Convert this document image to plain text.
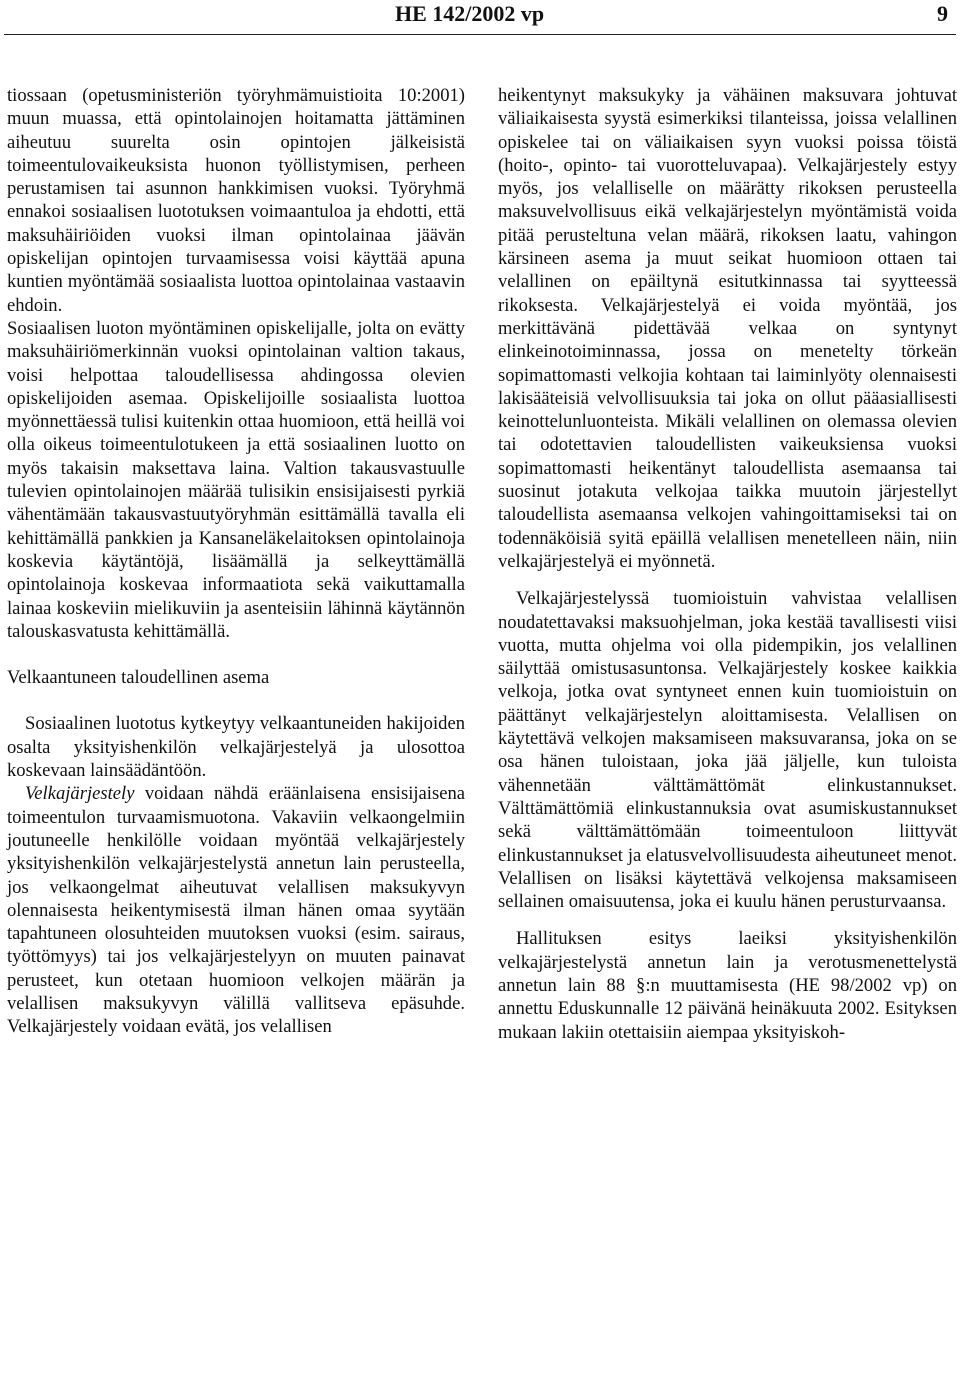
HE 142/2002 vp	9

tiossaan (opetusministeriön työryhmämuistioita 10:2001) muun muassa, että opintolainojen hoitamatta jättäminen aiheutuu suurelta osin opintojen jälkeisistä toimeentulovaikeuksista huonon työllistymisen, perheen perustamisen tai asunnon hankkimisen vuoksi. Työryhmä ennakoi sosiaalisen luototuksen voimaantuloa ja ehdotti, että maksuhäiriöiden vuoksi ilman opintolainaa jäävän opiskelijan opintojen turvaamisessa voisi käyttää apuna kuntien myöntämää sosiaalista luottoa opintolainaa vastaavin ehdoin.

Sosiaalisen luoton myöntäminen opiskelijalle, jolta on evätty maksuhäiriömerkinnän vuoksi opintolainan valtion takaus, voisi helpottaa taloudellisessa ahdingossa olevien opiskelijoiden asemaa. Opiskelijoille sosiaalista luottoa myönnettäessä tulisi kuitenkin ottaa huomioon, että heillä voi olla oikeus toimeentulotukeen ja että sosiaalinen luotto on myös takaisin maksettava laina. Valtion takausvastuulle tulevien opintolainojen määrää tulisikin ensisijaisesti pyrkiä vähentämään takausvastuutyöryhmän esittämällä tavalla eli kehittämällä pankkien ja Kansaneläkelaitoksen opintolainoja koskevia käytäntöjä, lisäämällä ja selkeyttämällä opintolainoja koskevaa informaatiota sekä vaikuttamalla lainaa koskeviin mielikuviin ja asenteisiin lähinnä käytännön talouskasvatusta kehittämällä.

Velkaantuneen taloudellinen asema

Sosiaalinen luototus kytkeytyy velkaantuneiden hakijoiden osalta yksityishenkilön velkajärjestelyä ja ulosottoa koskevaan lainsäädäntöön.

Velkajärjestely voidaan nähdä eräänlaisena ensisijaisena toimeentulon turvaamismuotona. Vakaviin velkaongelmiin joutuneelle henkilölle voidaan myöntää velkajärjestely yksityishenkilön velkajärjestelystä annetun lain perusteella, jos velkaongelmat aiheutuvat velallisen maksukyvyn olennaisesta heikentymisestä ilman hänen omaa syytään tapahtuneen olosuhteiden muutoksen vuoksi (esim. sairaus, työttömyys) tai jos velkajärjestelyyn on muuten painavat perusteet, kun otetaan huomioon velkojen määrän ja velallisen maksukyvyn välillä vallitseva epäsuhde. Velkajärjestely voidaan evätä, jos velallisen

heikentynyt maksukyky ja vähäinen maksuvara johtuvat väliaikaisesta syystä esimerkiksi tilanteissa, joissa velallinen opiskelee tai on väliaikaisen syyn vuoksi poissa töistä (hoito-, opinto- tai vuorotteluvapaa). Velkajärjestely estyy myös, jos velalliselle on määrätty rikoksen perusteella maksuvelvollisuus eikä velkajärjestelyn myöntämistä voida pitää perusteltuna velan määrä, rikoksen laatu, vahingon kärsineen asema ja muut seikat huomioon ottaen tai velallinen on epäiltynä esitutkinnassa tai syytteessä rikoksesta. Velkajärjestelyä ei voida myöntää, jos merkittävänä pidettävää velkaa on syntynyt elinkeinotoiminnassa, jossa on menetelty törkeän sopimattomasti velkojia kohtaan tai laiminlyöty olennaisesti lakisääteisiä velvollisuuksia tai joka on ollut pääasiallisesti keinottelunluonteista. Mikäli velallinen on olemassa olevien tai odotettavien taloudellisten vaikeuksiensa vuoksi sopimattomasti heikentänyt taloudellista asemaansa tai suosinut jotakuta velkojaa taikka muutoin järjestellyt taloudellista asemaansa velkojen vahingoittamiseksi tai on todennäköisiä syitä epäillä velallisen menetelleen näin, niin velkajärjestelyä ei myönnetä.

Velkajärjestelyssä tuomioistuin vahvistaa velallisen noudatettavaksi maksuohjelman, joka kestää tavallisesti viisi vuotta, mutta ohjelma voi olla pidempikin, jos velallinen säilyttää omistusasuntonsa. Velkajärjestely koskee kaikkia velkoja, jotka ovat syntyneet ennen kuin tuomioistuin on päättänyt velkajärjestelyn aloittamisesta. Velallisen on käytettävä velkojen maksamiseen maksuvaransa, joka on se osa hänen tuloistaan, joka jää jäljelle, kun tuloista vähennetään välttämättömät elinkustannukset. Välttämättömiä elinkustannuksia ovat asumiskustannukset sekä välttämättömään toimeentuloon liittyvät elinkustannukset ja elatusvelvollisuudesta aiheutuneet menot. Velallisen on lisäksi käytettävä velkojensa maksamiseen sellainen omaisuutensa, joka ei kuulu hänen perusturvaansa.

Hallituksen esitys laeiksi yksityishenkilön velkajärjestelystä annetun lain ja verotusmenettelystä annetun lain 88 §:n muuttamisesta (HE 98/2002 vp) on annettu Eduskunnalle 12 päivänä heinäkuuta 2002. Esityksen mukaan lakiin otettaisiin aiempaa yksityiskoh-
